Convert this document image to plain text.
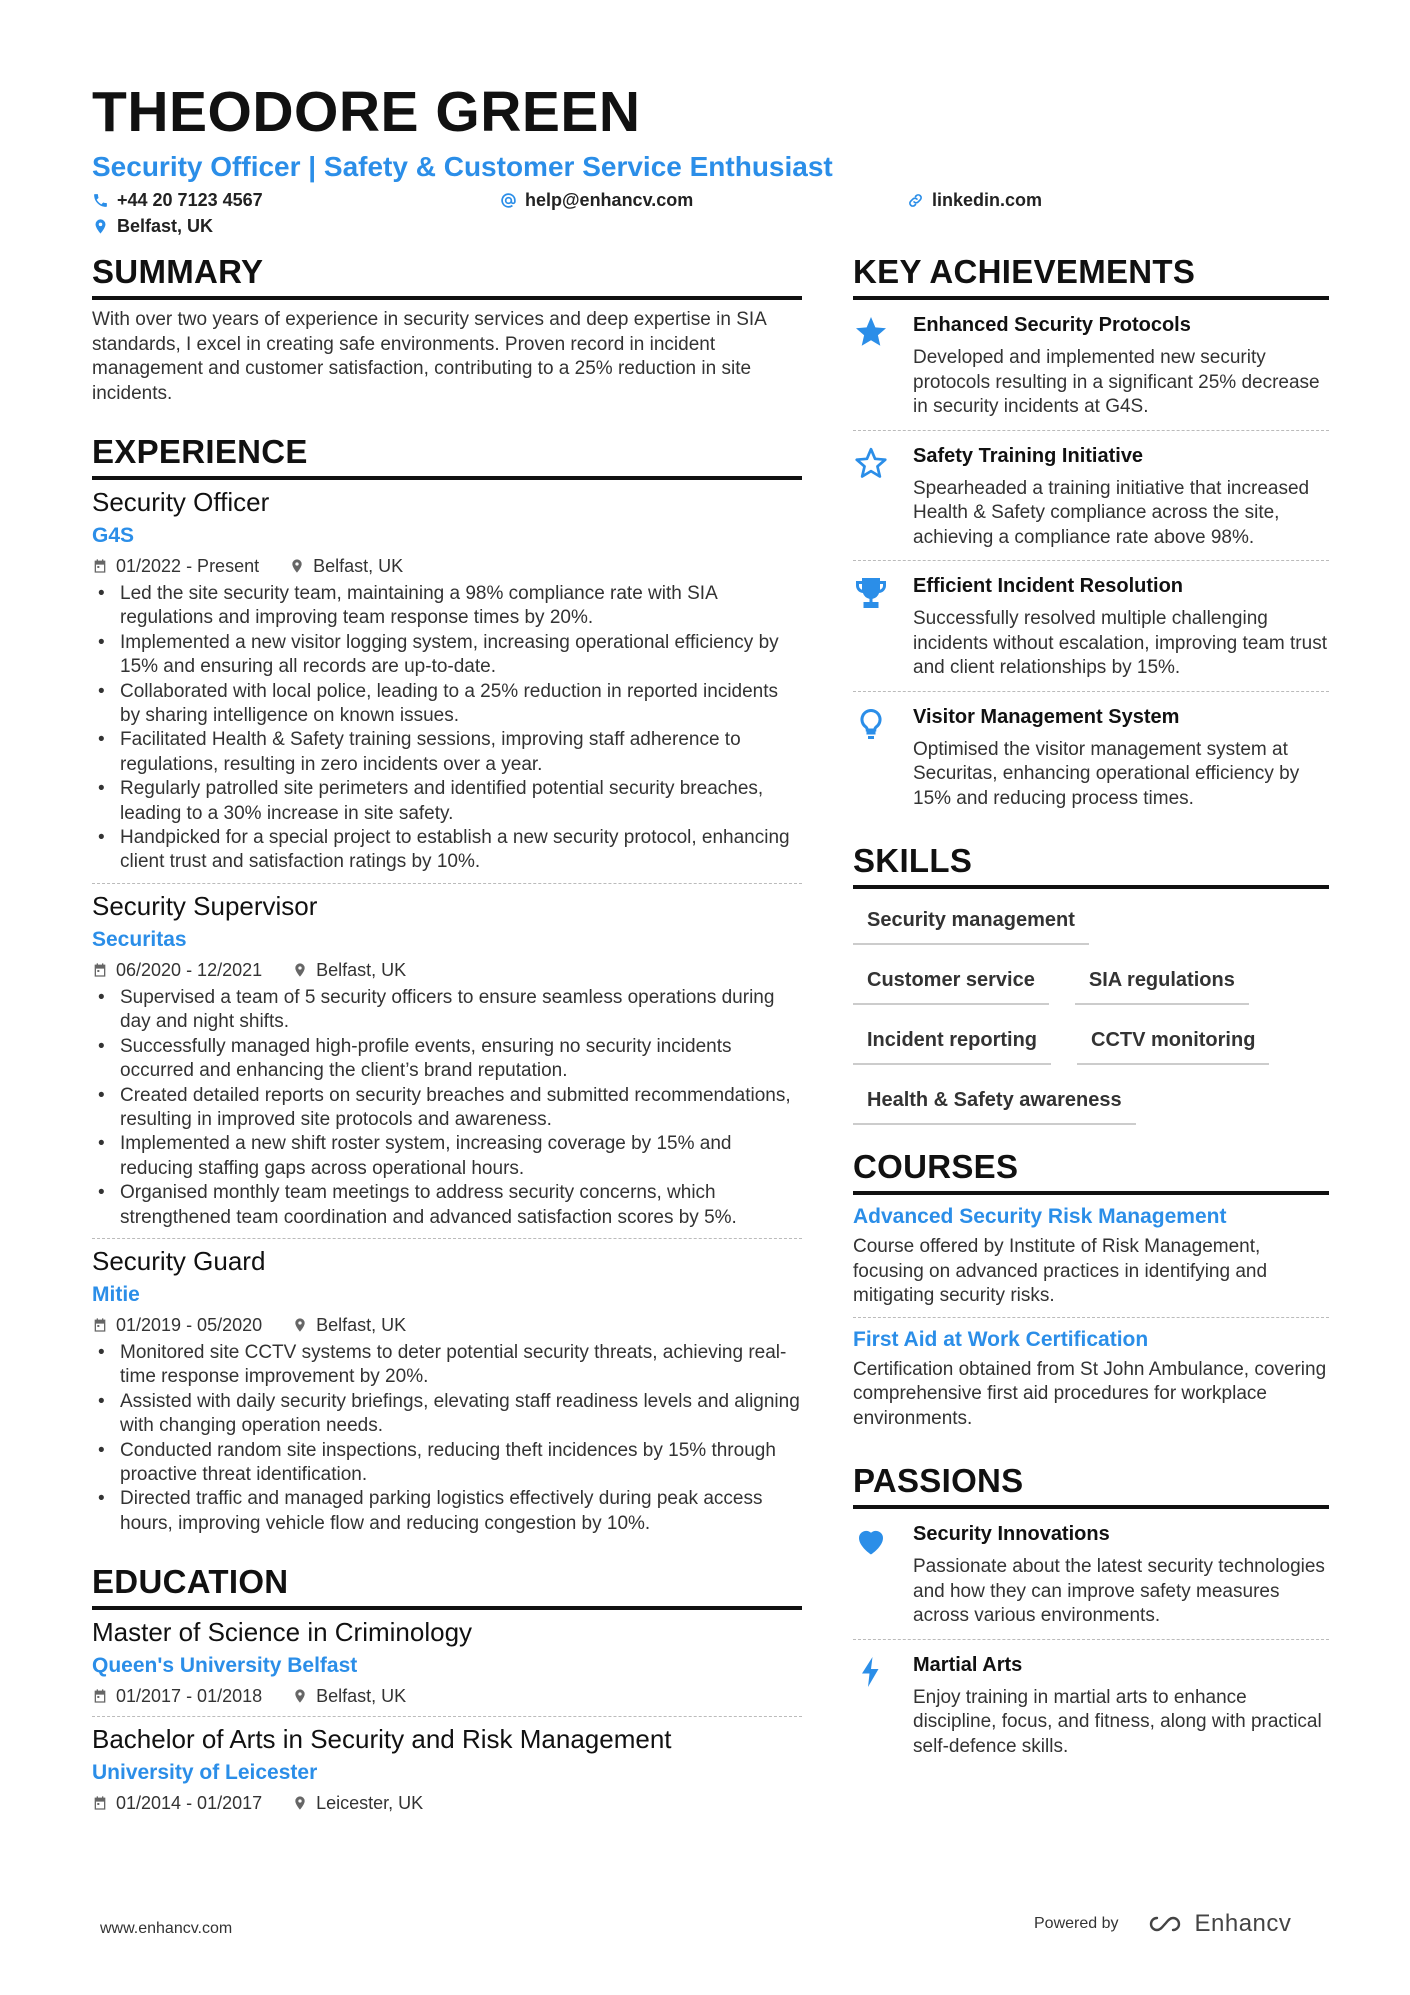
THEODORE GREEN
Security Officer | Safety & Customer Service Enthusiast
+44 20 7123 4567	help@enhancv.com	linkedin.com
Belfast, UK
SUMMARY
With over two years of experience in security services and deep expertise in SIA standards, I excel in creating safe environments. Proven record in incident management and customer satisfaction, contributing to a 25% reduction in site incidents.
EXPERIENCE
Security Officer
G4S
01/2022 - Present	Belfast, UK
• Led the site security team, maintaining a 98% compliance rate with SIA regulations and improving team response times by 20%.
• Implemented a new visitor logging system, increasing operational efficiency by 15% and ensuring all records are up-to-date.
• Collaborated with local police, leading to a 25% reduction in reported incidents by sharing intelligence on known issues.
• Facilitated Health & Safety training sessions, improving staff adherence to regulations, resulting in zero incidents over a year.
• Regularly patrolled site perimeters and identified potential security breaches, leading to a 30% increase in site safety.
• Handpicked for a special project to establish a new security protocol, enhancing client trust and satisfaction ratings by 10%.
Security Supervisor
Securitas
06/2020 - 12/2021	Belfast, UK
• Supervised a team of 5 security officers to ensure seamless operations during day and night shifts.
• Successfully managed high-profile events, ensuring no security incidents occurred and enhancing the client’s brand reputation.
• Created detailed reports on security breaches and submitted recommendations, resulting in improved site protocols and awareness.
• Implemented a new shift roster system, increasing coverage by 15% and reducing staffing gaps across operational hours.
• Organised monthly team meetings to address security concerns, which strengthened team coordination and advanced satisfaction scores by 5%.
Security Guard
Mitie
01/2019 - 05/2020	Belfast, UK
• Monitored site CCTV systems to deter potential security threats, achieving real-time response improvement by 20%.
• Assisted with daily security briefings, elevating staff readiness levels and aligning with changing operation needs.
• Conducted random site inspections, reducing theft incidences by 15% through proactive threat identification.
• Directed traffic and managed parking logistics effectively during peak access hours, improving vehicle flow and reducing congestion by 10%.
EDUCATION
Master of Science in Criminology
Queen's University Belfast
01/2017 - 01/2018	Belfast, UK
Bachelor of Arts in Security and Risk Management
University of Leicester
01/2014 - 01/2017	Leicester, UK
KEY ACHIEVEMENTS
Enhanced Security Protocols
Developed and implemented new security protocols resulting in a significant 25% decrease in security incidents at G4S.
Safety Training Initiative
Spearheaded a training initiative that increased Health & Safety compliance across the site, achieving a compliance rate above 98%.
Efficient Incident Resolution
Successfully resolved multiple challenging incidents without escalation, improving team trust and client relationships by 15%.
Visitor Management System
Optimised the visitor management system at Securitas, enhancing operational efficiency by 15% and reducing process times.
SKILLS
Security management
Customer service	SIA regulations
Incident reporting	CCTV monitoring
Health & Safety awareness
COURSES
Advanced Security Risk Management
Course offered by Institute of Risk Management, focusing on advanced practices in identifying and mitigating security risks.
First Aid at Work Certification
Certification obtained from St John Ambulance, covering comprehensive first aid procedures for workplace environments.
PASSIONS
Security Innovations
Passionate about the latest security technologies and how they can improve safety measures across various environments.
Martial Arts
Enjoy training in martial arts to enhance discipline, focus, and fitness, along with practical self-defence skills.
www.enhancv.com	Powered by	Enhancv
